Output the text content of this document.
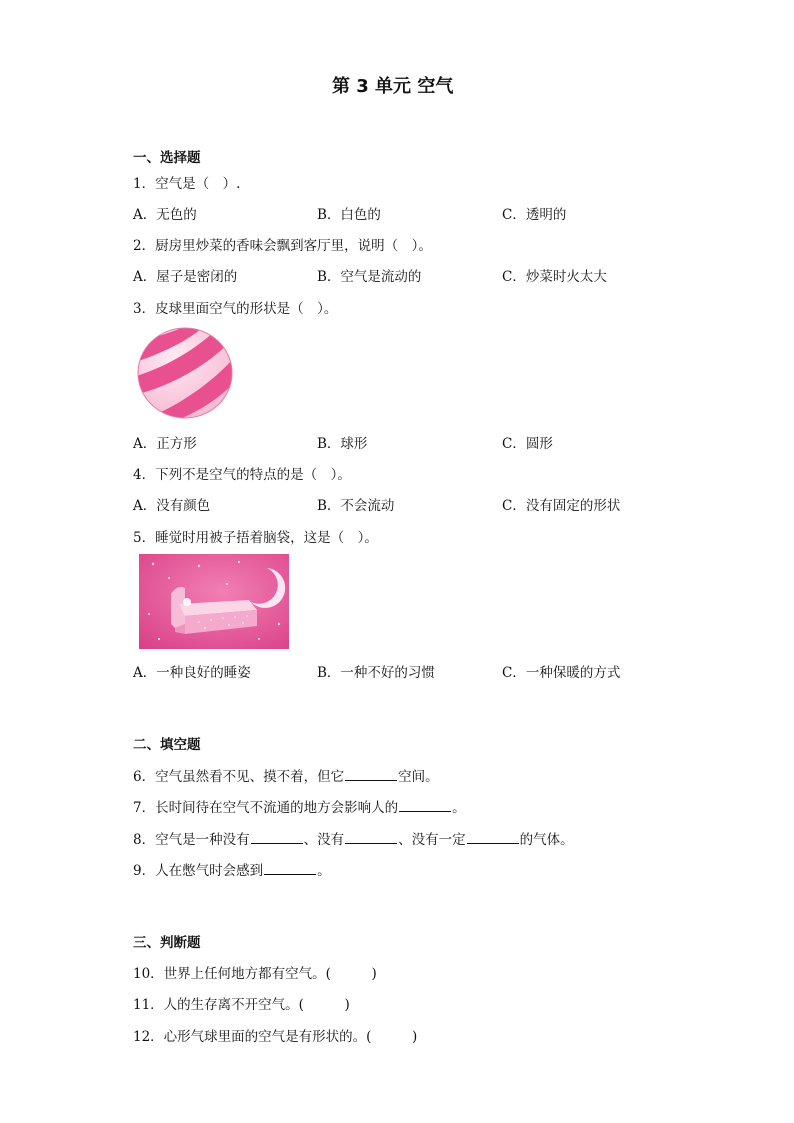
第 3 单元 空气
一、选择题
1．空气是（　）.
A．无色的	B．白色的	C．透明的
2．厨房里炒菜的香味会飘到客厅里，说明（　）。
A．屋子是密闭的	B．空气是流动的	C．炒菜时火太大
3．皮球里面空气的形状是（　）。
A．正方形	B．球形	C．圆形
4．下列不是空气的特点的是（　）。
A．没有颜色	B．不会流动	C．没有固定的形状
5．睡觉时用被子捂着脑袋，这是（　）。
A．一种良好的睡姿	B．一种不好的习惯	C．一种保暖的方式
二、填空题
6．空气虽然看不见、摸不着，但它	空间。
7．长时间待在空气不流通的地方会影响人的	。
8．空气是一种没有	、没有	、没有一定	的气体。
9．人在憋气时会感到	。
三、判断题
10．世界上任何地方都有空气。(　　　)
11．人的生存离不开空气。(　　　)
12．心形气球里面的空气是有形状的。(　　　)
